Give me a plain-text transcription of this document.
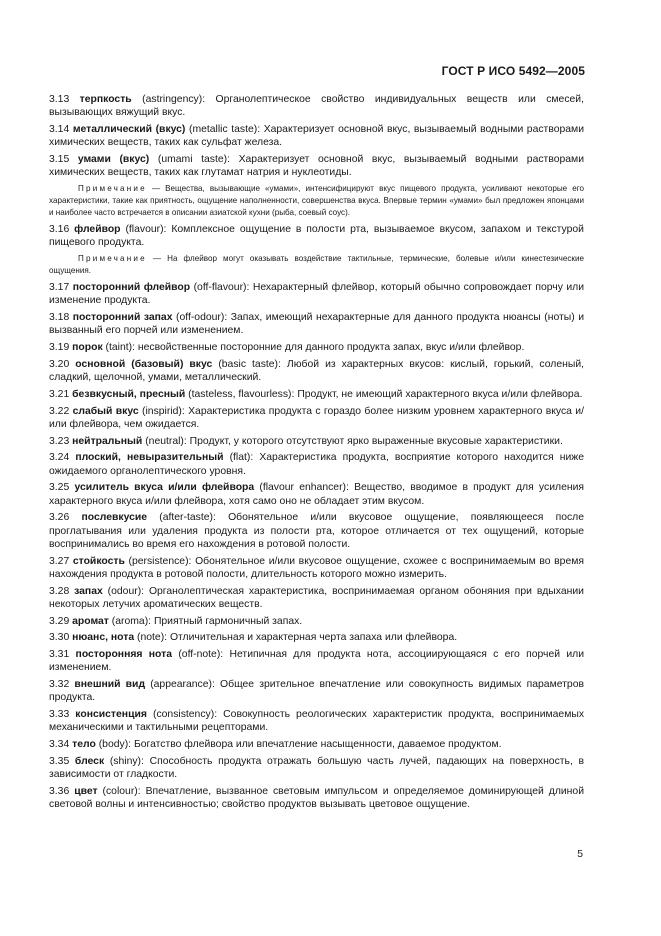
ГОСТ Р ИСО 5492—2005

3.13 терпкость (astringency): Органолептическое свойство индивидуальных веществ или смесей, вызывающих вяжущий вкус.

3.14 металлический (вкус) (metallic taste): Характеризует основной вкус, вызываемый водными растворами химических веществ, таких как сульфат железа.

3.15 умами (вкус) (umami taste): Характеризует основной вкус, вызываемый водными растворами химических веществ, таких как глутамат натрия и нуклеотиды.

Примечание — Вещества, вызывающие «умами», интенсифицируют вкус пищевого продукта, усиливают некоторые его характеристики, такие как приятность, ощущение наполненности, совершенства вкуса. Впервые термин «умами» был предложен японцами и наиболее часто встречается в описании азиатской кухни (рыба, соевый соус).

3.16 флейвор (flavour): Комплексное ощущение в полости рта, вызываемое вкусом, запахом и текстурой пищевого продукта.

Примечание — На флейвор могут оказывать воздействие тактильные, термические, болевые и/или кинестезические ощущения.

3.17 посторонний флейвор (off-flavour): Нехарактерный флейвор, который обычно сопровождает порчу или изменение продукта.

3.18 посторонний запах (off-odour): Запах, имеющий нехарактерные для данного продукта нюансы (ноты) и вызванный его порчей или изменением.

3.19 порок (taint): несвойственные посторонние для данного продукта запах, вкус и/или флейвор.

3.20 основной (базовый) вкус (basic taste): Любой из характерных вкусов: кислый, горький, соленый, сладкий, щелочной, умами, металлический.

3.21 безвкусный, пресный (tasteless, flavourless): Продукт, не имеющий характерного вкуса и/или флейвора.

3.22 слабый вкус (inspirid): Характеристика продукта с гораздо более низким уровнем характерного вкуса и/или флейвора, чем ожидается.

3.23 нейтральный (neutral): Продукт, у которого отсутствуют ярко выраженные вкусовые характеристики.

3.24 плоский, невыразительный (flat): Характеристика продукта, восприятие которого находится ниже ожидаемого органолептического уровня.

3.25 усилитель вкуса и/или флейвора (flavour enhancer): Вещество, вводимое в продукт для усиления характерного вкуса и/или флейвора, хотя само оно не обладает этим вкусом.

3.26 послевкусие (after-taste): Обонятельное и/или вкусовое ощущение, появляющееся после проглатывания или удаления продукта из полости рта, которое отличается от тех ощущений, которые воспринимались во время его нахождения в ротовой полости.

3.27 стойкость (persistence): Обонятельное и/или вкусовое ощущение, схожее с воспринимаемым во время нахождения продукта в ротовой полости, длительность которого можно измерить.

3.28 запах (odour): Органолептическая характеристика, воспринимаемая органом обоняния при вдыхании некоторых летучих ароматических веществ.

3.29 аромат (aroma): Приятный гармоничный запах.

3.30 нюанс, нота (note): Отличительная и характерная черта запаха или флейвора.

3.31 посторонняя нота (off-note): Нетипичная для продукта нота, ассоциирующаяся с его порчей или изменением.

3.32 внешний вид (appearance): Общее зрительное впечатление или совокупность видимых параметров продукта.

3.33 консистенция (consistency): Совокупность реологических характеристик продукта, воспринимаемых механическими и тактильными рецепторами.

3.34 тело (body): Богатство флейвора или впечатление насыщенности, даваемое продуктом.

3.35 блеск (shiny): Способность продукта отражать большую часть лучей, падающих на поверхность, в зависимости от гладкости.

3.36 цвет (colour): Впечатление, вызванное световым импульсом и определяемое доминирующей длиной световой волны и интенсивностью; свойство продуктов вызывать цветовое ощущение.

5
